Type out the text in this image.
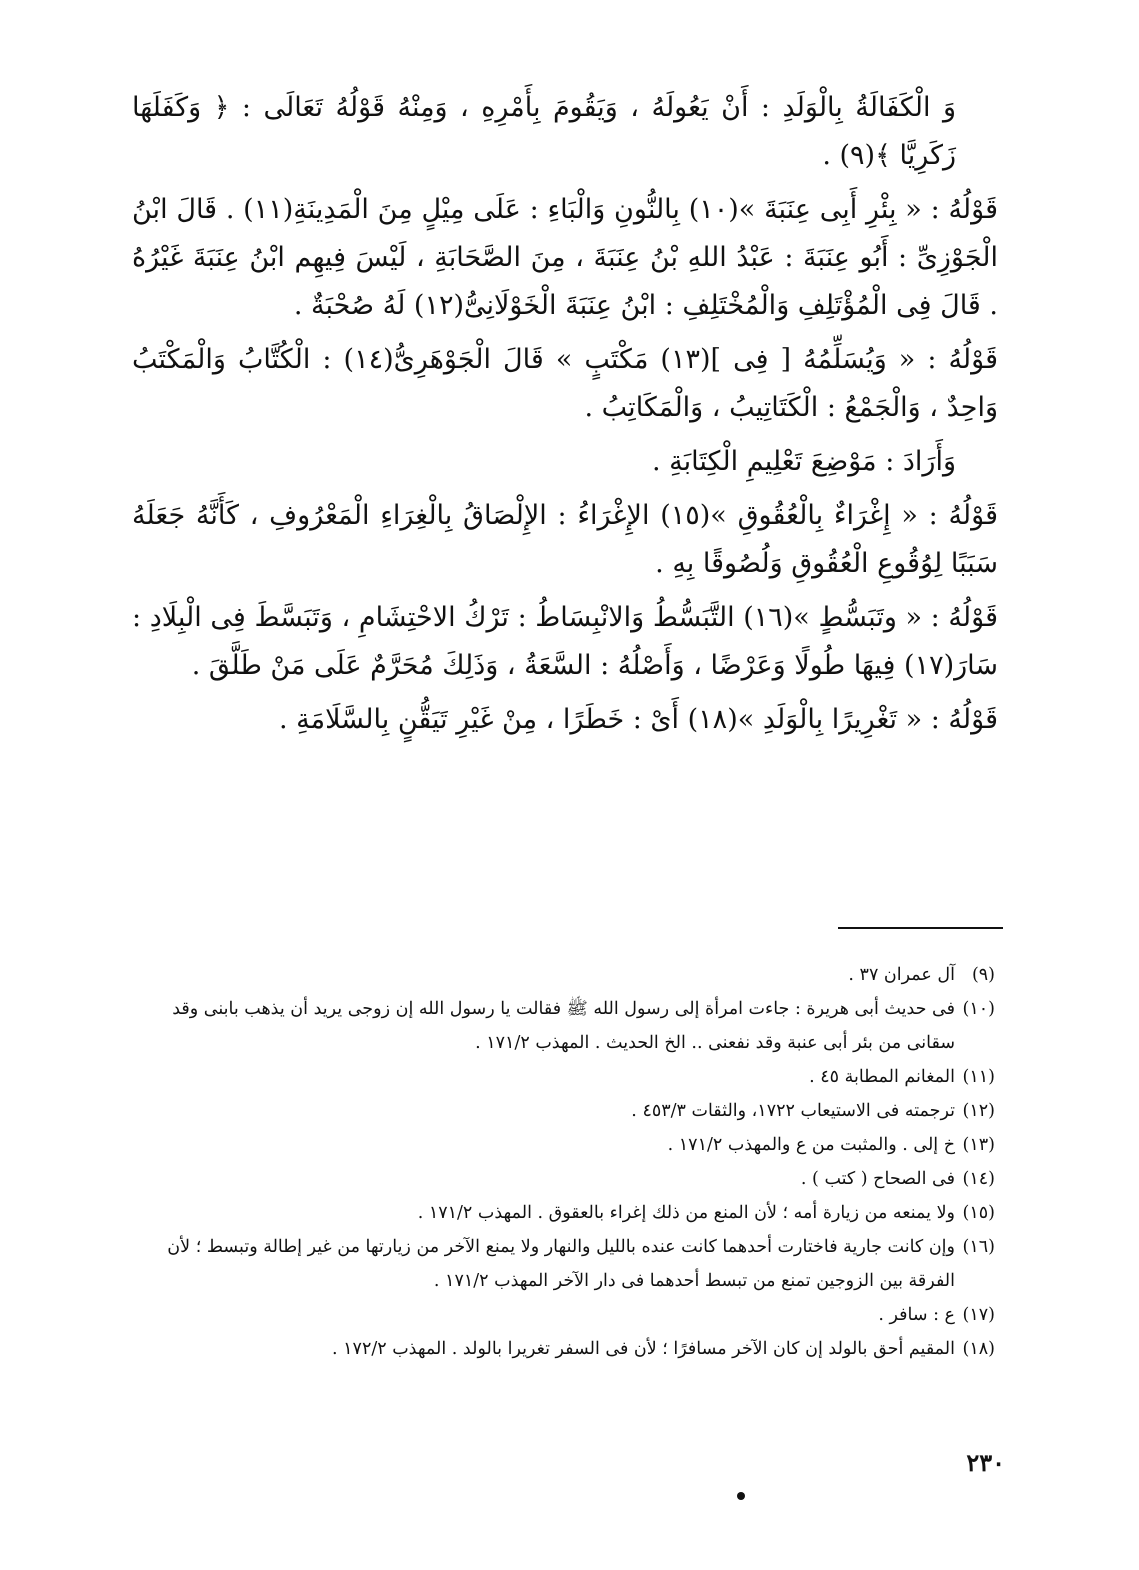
وَ الْكَفَالَةُ بِالْوَلَدِ : أَنْ يَعُولَهُ ، وَيَقُومَ بِأَمْرِهِ ، وَمِنْهُ قَوْلُهُ تَعَالَى : ﴿ وَكَفَلَهَا زَكَرِيَّا ﴾(٩) .

قَوْلُهُ : « بِئْرِ أَبِى عِنَبَةَ »(١٠) بِالنُّونِ وَالْبَاءِ : عَلَى مِيْلٍ مِنَ الْمَدِينَةِ(١١) . قَالَ ابْنُ الْجَوْزِىِّ : أَبُو عِنَبَةَ : عَبْدُ اللهِ بْنُ عِنَبَةَ ، مِنَ الصَّحَابَةِ ، لَيْسَ فِيهِم ابْنُ عِنَبَةَ غَيْرُهُ . قَالَ فِى الْمُؤْتَلِفِ وَالْمُخْتَلِفِ : ابْنُ عِنَبَةَ الْخَوْلَانِىُّ(١٢) لَهُ صُحْبَةٌ .

قَوْلُهُ : « وَيُسَلِّمُهُ [ فِى ](١٣) مَكْتَبٍ » قَالَ الْجَوْهَرِىُّ(١٤) : الْكُتَّابُ وَالْمَكْتَبُ وَاحِدٌ ، وَالْجَمْعُ : الْكَتَاتِيبُ ، وَالْمَكَاتِبُ .

وَأَرَادَ : مَوْضِعَ تَعْلِيمِ الْكِتَابَةِ .

قَوْلُهُ : « إِغْرَاءٌ بِالْعُقُوقِ »(١٥) الإِغْرَاءُ : الإِلْصَاقُ بِالْغِرَاءِ الْمَعْرُوفِ ، كَأَنَّهُ جَعَلَهُ سَبَبًا لِوُقُوعِ الْعُقُوقِ وَلُصُوقًا بِهِ .

قَوْلُهُ : « وتَبَسُّطٍ »(١٦) التَّبَسُّطُ وَالانْبِسَاطُ : تَرْكُ الاحْتِشَامِ ، وَتَبَسَّطَ فِى الْبِلَادِ : سَارَ(١٧) فِيهَا طُولًا وَعَرْضًا ، وَأَصْلُهُ : السَّعَةُ ، وَذَلِكَ مُحَرَّمٌ عَلَى مَنْ طَلَّقَ .

قَوْلُهُ : « تَغْرِيرًا بِالْوَلَدِ »(١٨) أَىْ : خَطَرًا ، مِنْ غَيْرِ تَيَقُّنٍ بِالسَّلَامَةِ .

(٩)
آل عمران ٣٧ .
(١٠)
فى حديث أبى هريرة : جاءت امرأة إلى رسول الله ﷺ فقالت يا رسول الله إن زوجى يريد أن يذهب بابنى وقد سقانى من بئر أبى عنبة وقد نفعنى .. الخ الحديث . المهذب ١٧١/٢ .
(١١)
المغانم المطابة ٤٥ .
(١٢)
ترجمته فى الاستيعاب ١٧٢٢، والثقات ٤٥٣/٣ .
(١٣)
خ إلى . والمثبت من ع والمهذب ١٧١/٢ .
(١٤)
فى الصحاح ( كتب ) .
(١٥)
ولا يمنعه من زيارة أمه ؛ لأن المنع من ذلك إغراء بالعقوق . المهذب ١٧١/٢ .
(١٦)
وإن كانت جارية فاختارت أحدهما كانت عنده بالليل والنهار ولا يمنع الآخر من زيارتها من غير إطالة وتبسط ؛ لأن الفرقة بين الزوجين تمنع من تبسط أحدهما فى دار الآخر المهذب ١٧١/٢ .
(١٧)
ع : سافر .
(١٨)
المقيم أحق بالولد إن كان الآخر مسافرًا ؛ لأن فى السفر تغريرا بالولد . المهذب ١٧٢/٢ .
٢٣٠
